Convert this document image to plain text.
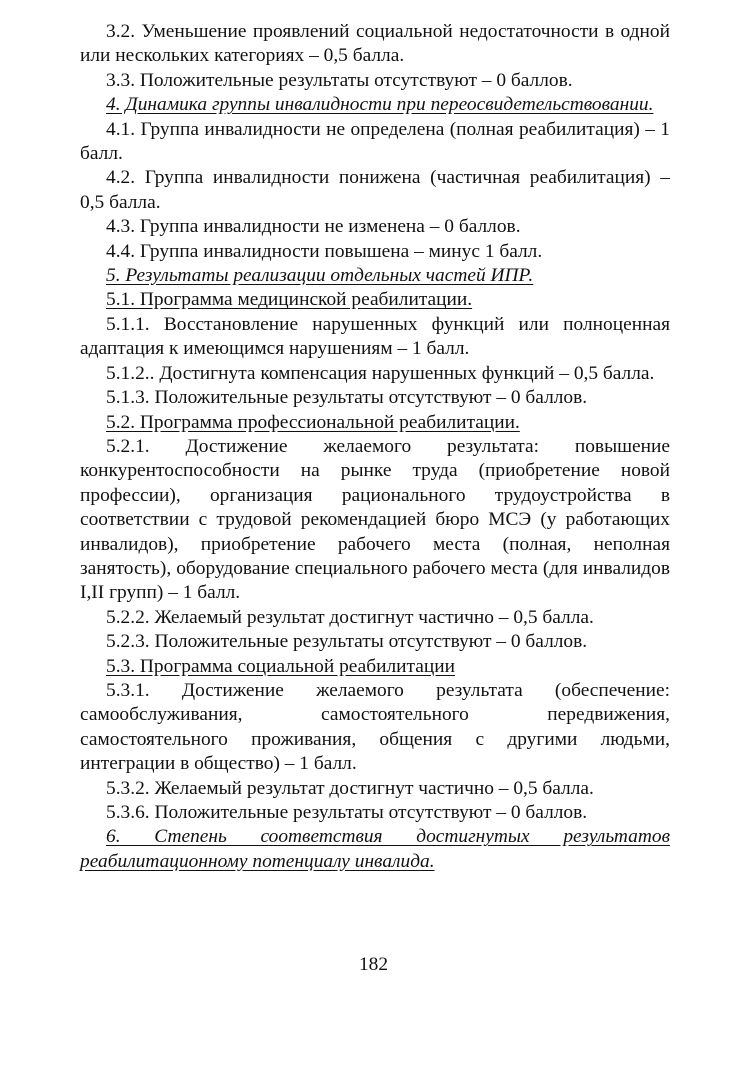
3.2. Уменьшение проявлений социальной недостаточности в одной или нескольких категориях – 0,5 балла.

3.3. Положительные результаты отсутствуют – 0 баллов.

4. Динамика группы инвалидности при переосвидетельствовании.

4.1. Группа инвалидности не определена (полная реабилитация) – 1 балл.

4.2. Группа инвалидности понижена (частичная реабилитация) – 0,5 балла.

4.3. Группа инвалидности не изменена – 0 баллов.

4.4. Группа инвалидности повышена – минус 1 балл.

5. Результаты реализации отдельных частей ИПР.

5.1. Программа медицинской реабилитации.

5.1.1. Восстановление нарушенных функций или полноценная адаптация к имеющимся нарушениям – 1 балл.

5.1.2.. Достигнута компенсация нарушенных функций – 0,5 балла.

5.1.3. Положительные результаты отсутствуют – 0 баллов.

5.2. Программа профессиональной реабилитации.

5.2.1. Достижение желаемого результата: повышение конкурентоспособности на рынке труда (приобретение новой профессии), организация рационального трудоустройства в соответствии с трудовой рекомендацией бюро МСЭ (у работающих инвалидов), приобретение рабочего места (полная, неполная занятость), оборудование специального рабочего места (для инвалидов I,II групп) – 1 балл.

5.2.2. Желаемый результат достигнут частично – 0,5 балла.

5.2.3. Положительные результаты отсутствуют – 0 баллов.

5.3. Программа социальной реабилитации

5.3.1. Достижение желаемого результата (обеспечение: самообслуживания, самостоятельного передвижения, самостоятельного проживания, общения с другими людьми, интеграции в общество) – 1 балл.

5.3.2. Желаемый результат достигнут частично – 0,5 балла.

5.3.6. Положительные результаты отсутствуют – 0 баллов.

6. Степень соответствия достигнутых результатов реабилитационному потенциалу инвалида.

182
